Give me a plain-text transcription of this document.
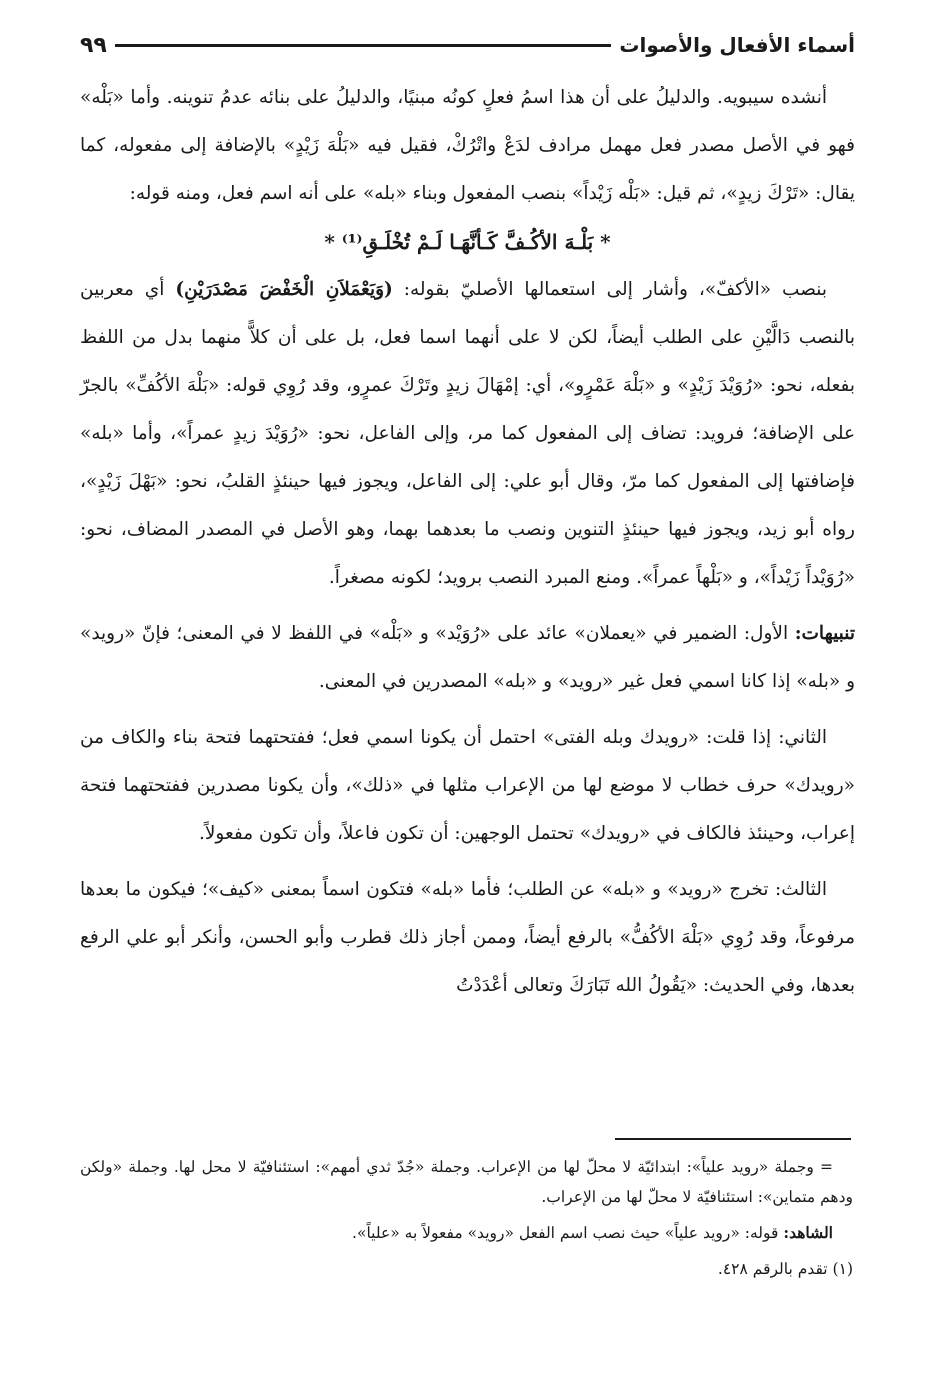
أسماء الأفعال والأصوات
٩٩

أنشده سيبويه. والدليلُ على أن هذا اسمُ فعلٍ كونُه مبنيًا، والدليلُ على بنائه عدمُ تنوينه. وأما «بَلْه» فهو في الأصل مصدر فعل مهمل مرادف لدَعْ واتْرُكْ، فقيل فيه «بَلْهَ زَيْدٍ» بالإضافة إلى مفعوله، كما يقال: «تَرْكَ زيدٍ»، ثم قيل: «بَلْه زَيْداً» بنصب المفعول وبناء «بله» على أنه اسم فعل، ومنه قوله:

* بَلْـهَ الأكُـفَّ كَـأنَّهَـا لَـمْ تُخْلَـقِ⁽¹⁾ *

بنصب «الأكفّ»، وأشار إلى استعمالها الأصليّ بقوله: (وَيَعْمَلاَنِ الْخَفْضَ مَصْدَرَيْنِ) أي معربين بالنصب دَالَّيْنِ على الطلب أيضاً، لكن لا على أنهما اسما فعل، بل على أن كلاًّ منهما بدل من اللفظ بفعله، نحو: «رُوَيْدَ زَيْدٍ» و «بَلْهَ عَمْرٍو»، أي: إمْهَالَ زيدٍ وتَرْكَ عمرٍو، وقد رُوِي قوله: «بَلْهَ الأكُفِّ» بالجرّ على الإضافة؛ فرويد: تضاف إلى المفعول كما مر، وإلى الفاعل، نحو: «رُوَيْدَ زيدٍ عمراً»، وأما «بله» فإضافتها إلى المفعول كما مرّ، وقال أبو علي: إلى الفاعل، ويجوز فيها حينئذٍ القلبُ، نحو: «بَهْلَ زَيْدٍ»، رواه أبو زيد، ويجوز فيها حينئذٍ التنوين ونصب ما بعدهما بهما، وهو الأصل في المصدر المضاف، نحو: «رُوَيْداً زَيْداً»، و «بَلْهاً عمراً». ومنع المبرد النصب برويد؛ لكونه مصغراً.

تنبيهات: الأول: الضمير في «يعملان» عائد على «رُوَيْد» و «بَلْه» في اللفظ لا في المعنى؛ فإنّ «رويد» و «بله» إذا كانا اسمي فعل غير «رويد» و «بله» المصدرين في المعنى.

الثاني: إذا قلت: «رويدك وبله الفتى» احتمل أن يكونا اسمي فعل؛ ففتحتهما فتحة بناء والكاف من «رويدك» حرف خطاب لا موضع لها من الإعراب مثلها في «ذلك»، وأن يكونا مصدرين ففتحتهما فتحة إعراب، وحينئذ فالكاف في «رويدك» تحتمل الوجهين: أن تكون فاعلاً، وأن تكون مفعولاً.

الثالث: تخرج «رويد» و «بله» عن الطلب؛ فأما «بله» فتكون اسماً بمعنى «كيف»؛ فيكون ما بعدها مرفوعاً، وقد رُوِي «بَلْهَ الأكُفُّ» بالرفع أيضاً، وممن أجاز ذلك قطرب وأبو الحسن، وأنكر أبو علي الرفع بعدها، وفي الحديث: «يَقُولُ الله تَبَارَكَ وتعالى أعْدَدْتُ

= وجملة «رويد علياً»: ابتدائيّة لا محلّ لها من الإعراب. وجملة «جُدّ ثدي أمهم»: استئنافيّة لا محل لها. وجملة «ولكن ودهم متماين»: استئنافيّة لا محلّ لها من الإعراب.

الشاهد: قوله: «رويد علياً» حيث نصب اسم الفعل «رويد» مفعولاً به «علياً».

(١) تقدم بالرقم ٤٢٨.
